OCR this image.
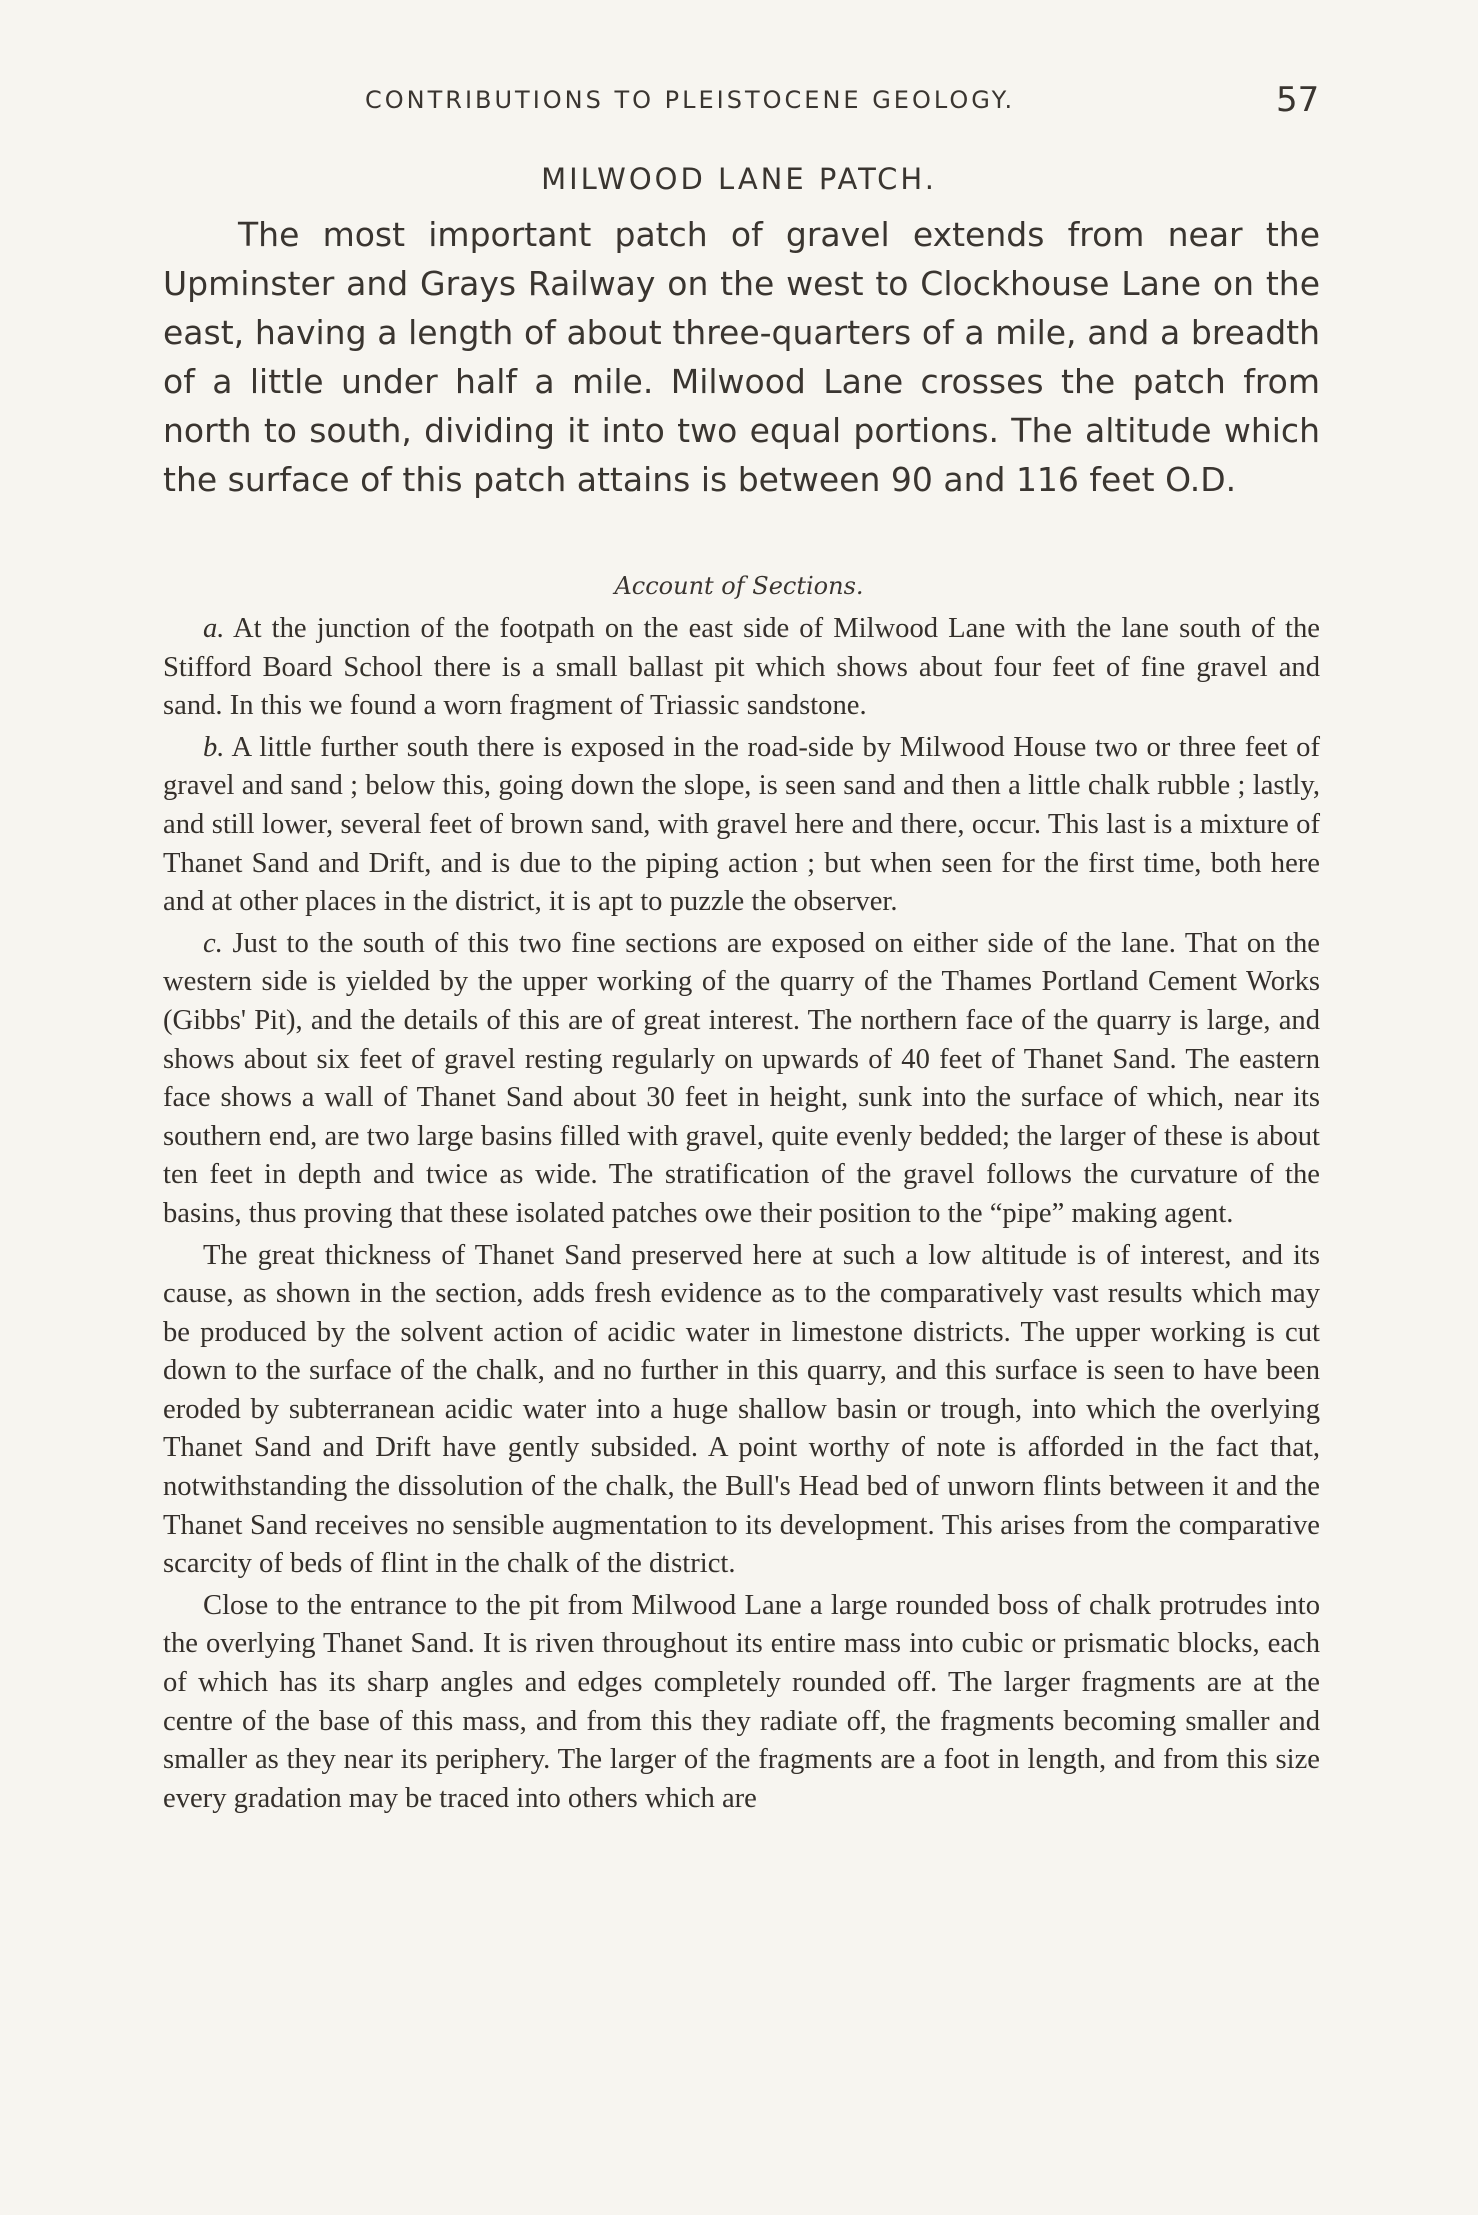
CONTRIBUTIONS TO PLEISTOCENE GEOLOGY.	57
MILWOOD LANE PATCH.

The most important patch of gravel extends from near the Upminster and Grays Railway on the west to Clockhouse Lane on the east, having a length of about three-quarters of a mile, and a breadth of a little under half a mile. Milwood Lane crosses the patch from north to south, dividing it into two equal portions. The altitude which the surface of this patch attains is between 90 and 116 feet O.D.

Account of Sections.

a. At the junction of the footpath on the east side of Milwood Lane with the lane south of the Stifford Board School there is a small ballast pit which shows about four feet of fine gravel and sand. In this we found a worn fragment of Triassic sandstone.

b. A little further south there is exposed in the road-side by Milwood House two or three feet of gravel and sand ; below this, going down the slope, is seen sand and then a little chalk rubble ; lastly, and still lower, several feet of brown sand, with gravel here and there, occur. This last is a mixture of Thanet Sand and Drift, and is due to the piping action ; but when seen for the first time, both here and at other places in the district, it is apt to puzzle the observer.

c. Just to the south of this two fine sections are exposed on either side of the lane. That on the western side is yielded by the upper working of the quarry of the Thames Portland Cement Works (Gibbs' Pit), and the details of this are of great interest. The northern face of the quarry is large, and shows about six feet of gravel resting regularly on upwards of 40 feet of Thanet Sand. The eastern face shows a wall of Thanet Sand about 30 feet in height, sunk into the surface of which, near its southern end, are two large basins filled with gravel, quite evenly bedded; the larger of these is about ten feet in depth and twice as wide. The stratification of the gravel follows the curvature of the basins, thus proving that these isolated patches owe their position to the “pipe” making agent.

The great thickness of Thanet Sand preserved here at such a low altitude is of interest, and its cause, as shown in the section, adds fresh evidence as to the comparatively vast results which may be produced by the solvent action of acidic water in limestone districts. The upper working is cut down to the surface of the chalk, and no further in this quarry, and this surface is seen to have been eroded by subterranean acidic water into a huge shallow basin or trough, into which the overlying Thanet Sand and Drift have gently subsided. A point worthy of note is afforded in the fact that, notwithstanding the dissolution of the chalk, the Bull's Head bed of unworn flints between it and the Thanet Sand receives no sensible augmentation to its development. This arises from the comparative scarcity of beds of flint in the chalk of the district.

Close to the entrance to the pit from Milwood Lane a large rounded boss of chalk protrudes into the overlying Thanet Sand. It is riven throughout its entire mass into cubic or prismatic blocks, each of which has its sharp angles and edges completely rounded off. The larger fragments are at the centre of the base of this mass, and from this they radiate off, the fragments becoming smaller and smaller as they near its periphery. The larger of the fragments are a foot in length, and from this size every gradation may be traced into others which are
